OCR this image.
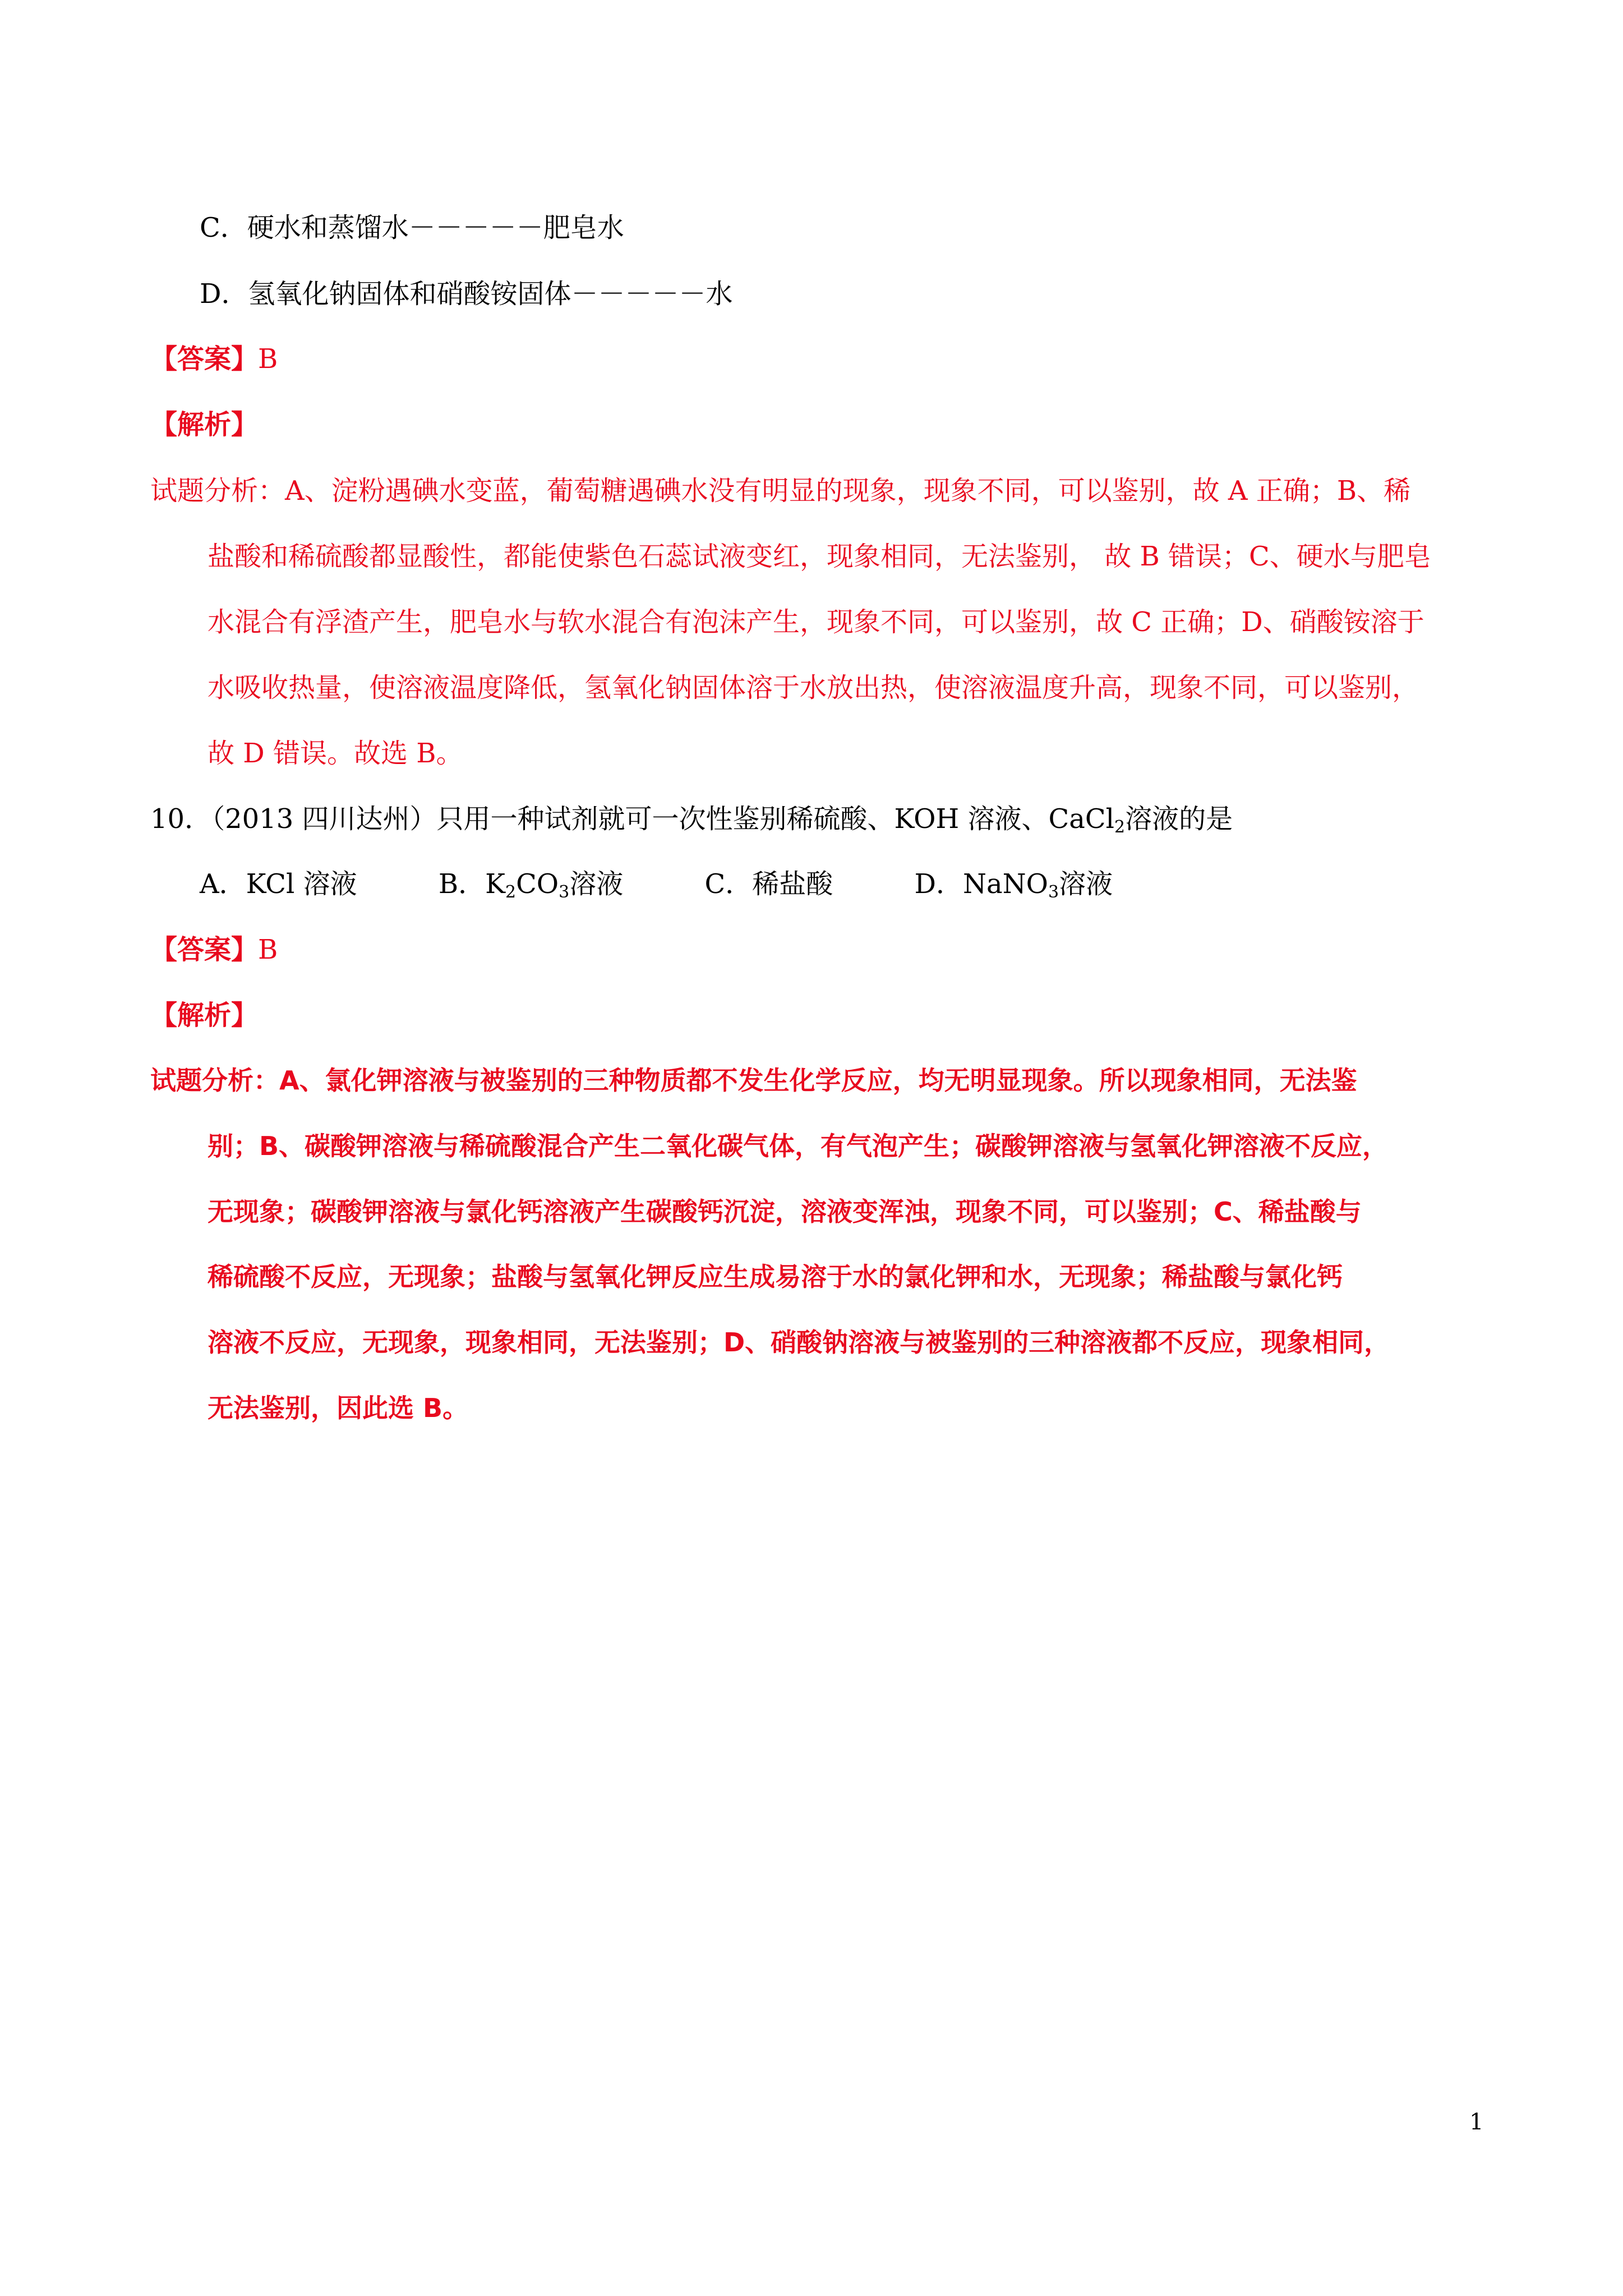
C．硬水和蒸馏水－－－－－肥皂水
D．氢氧化钠固体和硝酸铵固体－－－－－水
【答案】B
【解析】
试题分析：A、淀粉遇碘水变蓝，葡萄糖遇碘水没有明显的现象，现象不同，可以鉴别，故 A 正确；B、稀
盐酸和稀硫酸都显酸性，都能使紫色石蕊试液变红，现象相同，无法鉴别， 故 B 错误；C、硬水与肥皂
水混合有浮渣产生，肥皂水与软水混合有泡沫产生，现象不同，可以鉴别，故 C 正确；D、硝酸铵溶于
水吸收热量，使溶液温度降低，氢氧化钠固体溶于水放出热，使溶液温度升高，现象不同，可以鉴别，
故 D 错误。故选 B。
10．（2013 四川达州）只用一种试剂就可一次性鉴别稀硫酸、KOH 溶液、CaCl$_2$溶液的是
A．KCl 溶液	B．$K_2CO_3$溶液	C．稀盐酸	D．NaNO$_3$溶液
【答案】B
【解析】
试题分析：A、氯化钾溶液与被鉴别的三种物质都不发生化学反应，均无明显现象。所以现象相同，无法鉴
别；B、碳酸钾溶液与稀硫酸混合产生二氧化碳气体，有气泡产生；碳酸钾溶液与氢氧化钾溶液不反应，
无现象；碳酸钾溶液与氯化钙溶液产生碳酸钙沉淀，溶液变浑浊，现象不同，可以鉴别；C、稀盐酸与
稀硫酸不反应，无现象；盐酸与氢氧化钾反应生成易溶于水的氯化钾和水，无现象；稀盐酸与氯化钙
溶液不反应，无现象，现象相同，无法鉴别；D、硝酸钠溶液与被鉴别的三种溶液都不反应，现象相同，
无法鉴别，因此选 B。
1
